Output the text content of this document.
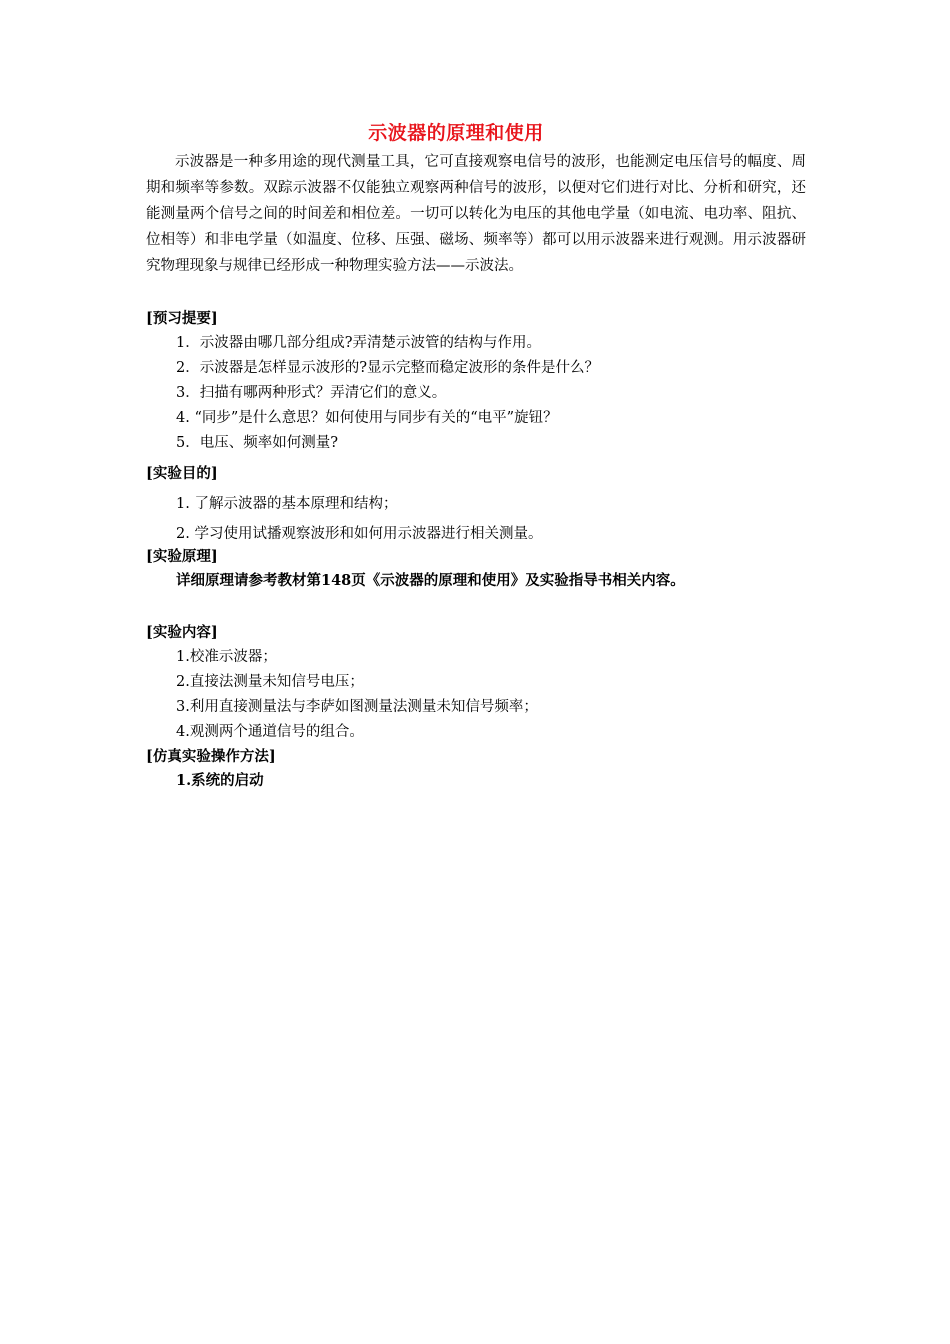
示波器的原理和使用

示波器是一种多用途的现代测量工具，它可直接观察电信号的波形，也能测定电压信号的幅度、周期和频率等参数。双踪示波器不仅能独立观察两种信号的波形，以便对它们进行对比、分析和研究，还能测量两个信号之间的时间差和相位差。一切可以转化为电压的其他电学量（如电流、电功率、阻抗、位相等）和非电学量（如温度、位移、压强、磁场、频率等）都可以用示波器来进行观测。用示波器研究物理现象与规律已经形成一种物理实验方法——示波法。

[预习提要]

1．示波器由哪几部分组成?弄清楚示波管的结构与作用。

2．示波器是怎样显示波形的?显示完整而稳定波形的条件是什么？

3．扫描有哪两种形式？弄清它们的意义。

4. “同步”是什么意思？如何使用与同步有关的“电平”旋钮？

5．电压、频率如何测量?

[实验目的]

1. 了解示波器的基本原理和结构；

2. 学习使用试播观察波形和如何用示波器进行相关测量。

[实验原理]

详细原理请参考教材第148页《示波器的原理和使用》及实验指导书相关内容。

[实验内容]

1.校准示波器；

2.直接法测量未知信号电压；

3.利用直接测量法与李萨如图测量法测量未知信号频率；

4.观测两个通道信号的组合。

[仿真实验操作方法]

1.系统的启动
